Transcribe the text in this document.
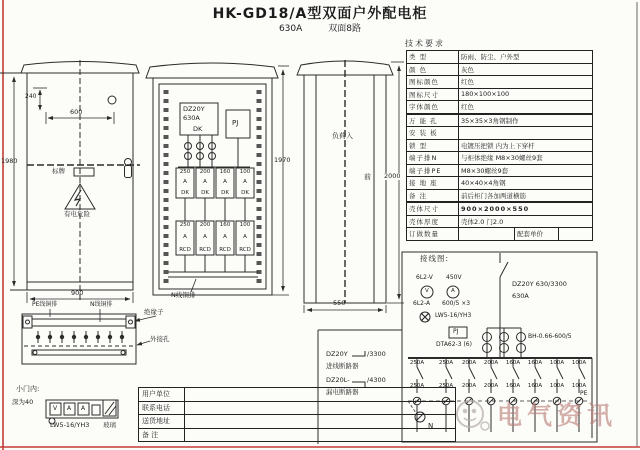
HK-GD18/A型双面户外配电柜
630A	双面8路
1980
240
600
标牌
有电危险
900
PE线铜排	N线铜排
绝缘子
外接孔
小门内:
深为40
V A A
LW5-16/YH3 玻璃
DZ20Y
630A
DK
PJ
1970
N线铜排
250
A
DK
200
A
DK
160
A
DK
100
A
DK
250
A
RCD
200
A
RCD
160
A
RCD
100
A
RCD
负荷入
前 2000
550
技术要求
类 型	防雨、防尘、户外型		
颜 色	灰色		
图标颜色	红色		
图标尺寸	180×100×100		
字体颜色	红色		
万 能 孔	35×35×3角钢制作		
安 装 板			
锁 型	电镀压把锁 内为上下穿杆		
端子排N	与柜体绝缘 M8×30螺丝9套		
端子排PE	M8×30螺丝9套		
接 地 座	40×40×4角钢		
备 注	前后柜门各加两道横筋		
壳体尺寸	900×2000×550		
壳体厚度	壳体2.0 门2.0		
订做数量		配套单价	
DZ20Y	/3300
进线断路器
DZ20L-	/4300
漏电断路器
接线图:
6L2-V 450V
V	A
6L2-A 600/5 ×3
LW5-16/YH3
DZ20Y 630/3300
630A
PJ
DTA62-3 (6)
BH-0.66-600/5
250A	250A	200A	200A	160A	160A	100A	100A
250A	250A	200A	200A	160A	160A	100A	100A
N
PE
用户单位	
联系电话	
送货地址	
备 注	
电气资讯
